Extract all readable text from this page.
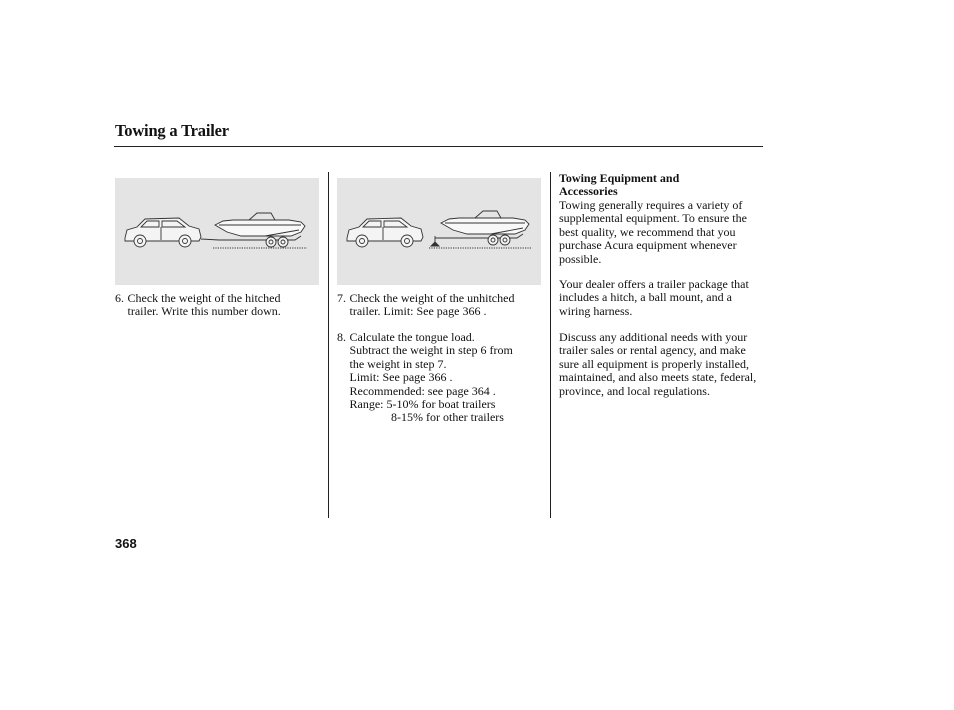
Towing a Trailer
6. Check the weight of the hitched
trailer. Write this number down.
7. Check the weight of the unhitched
trailer. Limit: See page 366 .
8. Calculate the tongue load.
Subtract the weight in step 6 from
the weight in step 7.
Limit: See page 366 .
Recommended: see page 364 .
Range: 5-10% for boat trailers
8-15% for other trailers
Towing Equipment and
Accessories

Towing generally requires a variety of supplemental equipment. To ensure the best quality, we recommend that you purchase Acura equipment whenever possible.

Your dealer offers a trailer package that includes a hitch, a ball mount, and a wiring harness.

Discuss any additional needs with your trailer sales or rental agency, and make sure all equipment is properly installed, maintained, and also meets state, federal, province, and local regulations.

368
